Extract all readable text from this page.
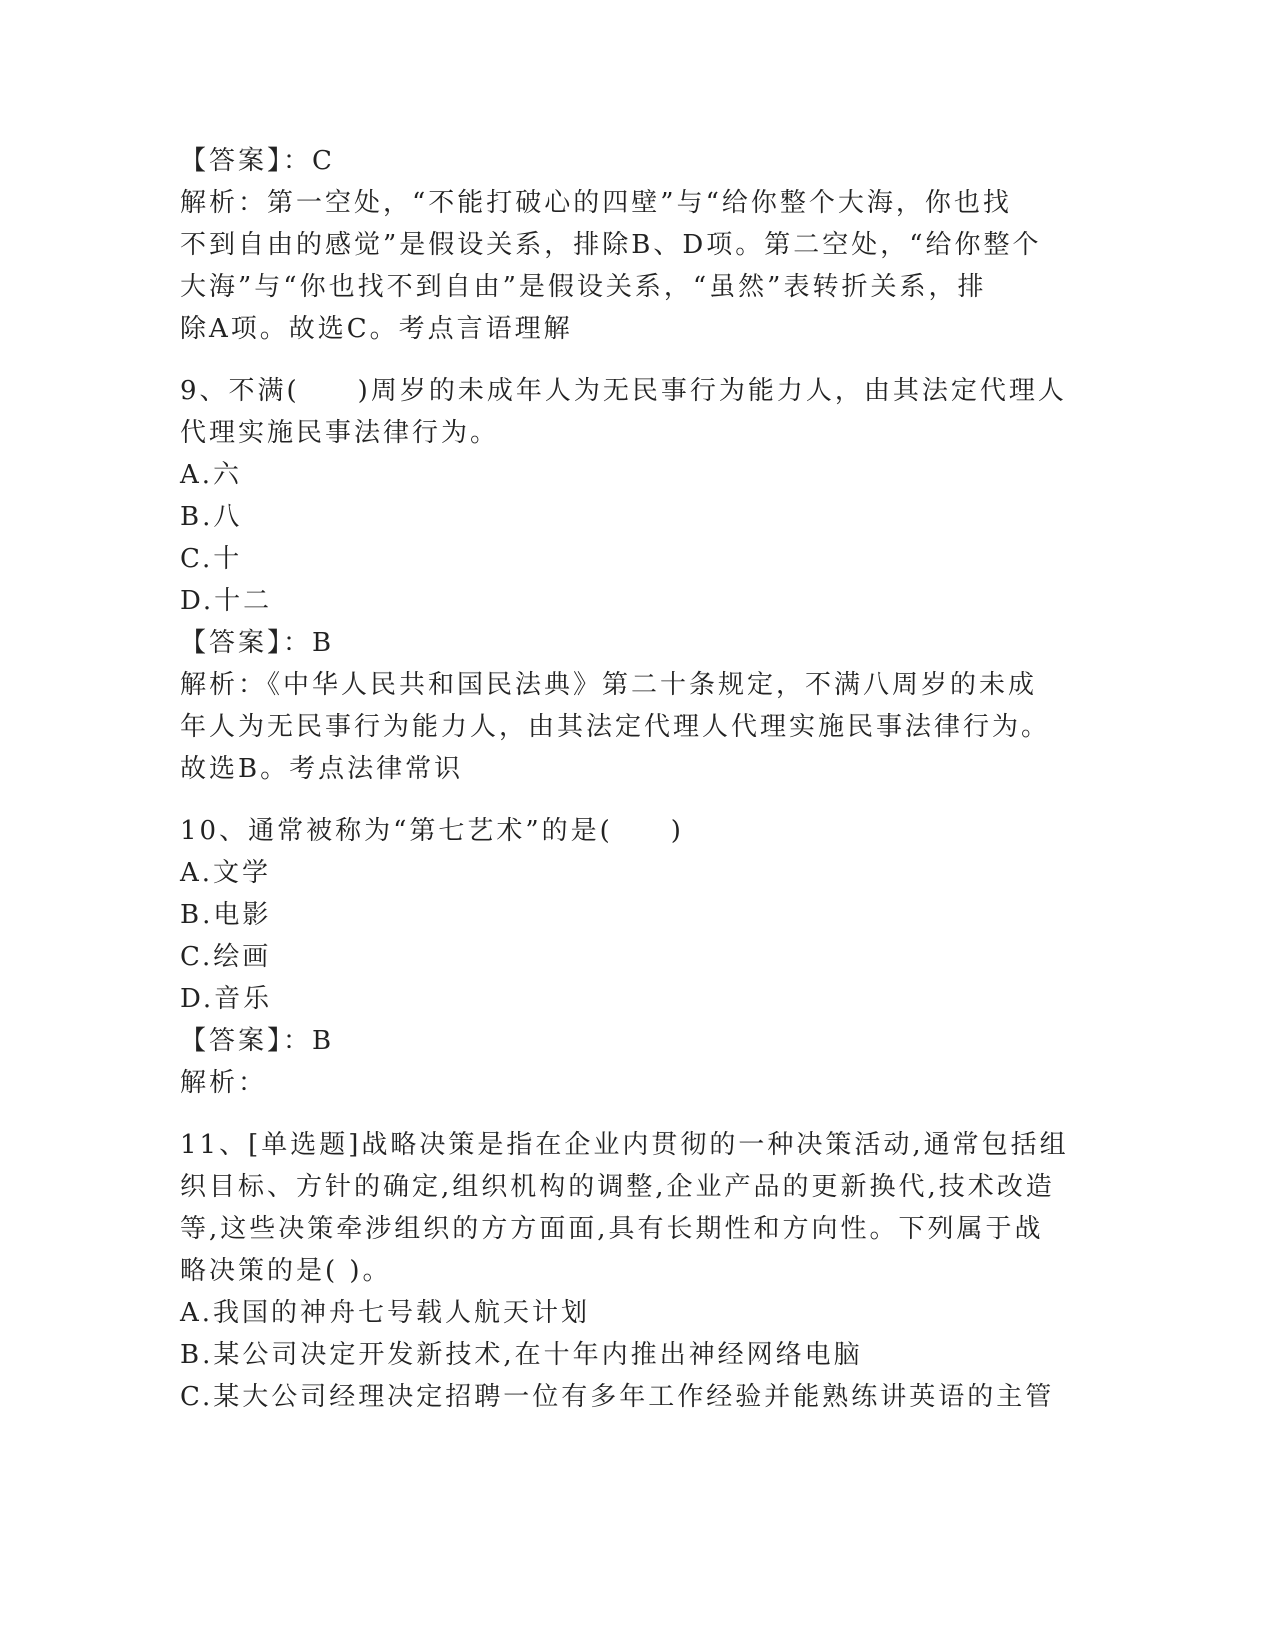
【答案】：C
解析：第一空处，“不能打破心的四壁”与“给你整个大海，你也找
不到自由的感觉”是假设关系，排除B、D项。第二空处，“给你整个
大海”与“你也找不到自由”是假设关系，“虽然”表转折关系，排
除A项。故选C。考点言语理解
9、不满(　　)周岁的未成年人为无民事行为能力人，由其法定代理人
代理实施民事法律行为。
A.六
B.八
C.十
D.十二
【答案】：B
解析：《中华人民共和国民法典》第二十条规定，不满八周岁的未成
年人为无民事行为能力人，由其法定代理人代理实施民事法律行为。
故选B。考点法律常识
10、通常被称为“第七艺术”的是(　　)
A.文学
B.电影
C.绘画
D.音乐
【答案】：B
解析：
11、[单选题]战略决策是指在企业内贯彻的一种决策活动,通常包括组
织目标、方针的确定,组织机构的调整,企业产品的更新换代,技术改造
等,这些决策牵涉组织的方方面面,具有长期性和方向性。下列属于战
略决策的是( )。
A.我国的神舟七号载人航天计划
B.某公司决定开发新技术,在十年内推出神经网络电脑
C.某大公司经理决定招聘一位有多年工作经验并能熟练讲英语的主管
